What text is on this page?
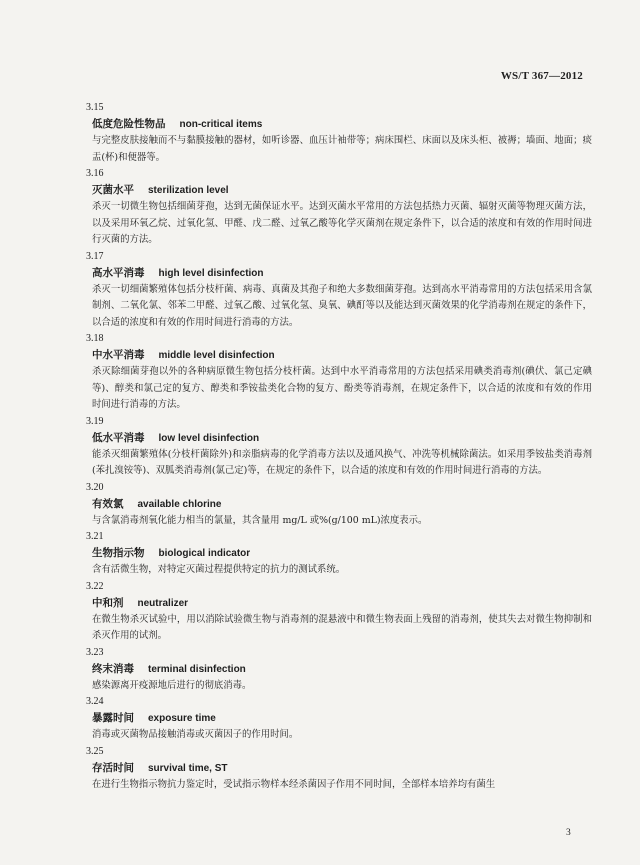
WS/T 367—2012
3.15
低度危险性物品 non-critical items
与完整皮肤接触而不与黏膜接触的器材，如听诊器、血压计袖带等；病床围栏、床面以及床头柜、被褥；墙面、地面；痰盂(杯)和便器等。
3.16
灭菌水平 sterilization level
杀灭一切微生物包括细菌芽孢，达到无菌保证水平。达到灭菌水平常用的方法包括热力灭菌、辐射灭菌等物理灭菌方法，以及采用环氧乙烷、过氧化氢、甲醛、戊二醛、过氧乙酸等化学灭菌剂在规定条件下，以合适的浓度和有效的作用时间进行灭菌的方法。
3.17
高水平消毒 high level disinfection
杀灭一切细菌繁殖体包括分枝杆菌、病毒、真菌及其孢子和绝大多数细菌芽孢。达到高水平消毒常用的方法包括采用含氯制剂、二氧化氯、邻苯二甲醛、过氧乙酸、过氧化氢、臭氧、碘酊等以及能达到灭菌效果的化学消毒剂在规定的条件下，以合适的浓度和有效的作用时间进行消毒的方法。
3.18
中水平消毒 middle level disinfection
杀灭除细菌芽孢以外的各种病原微生物包括分枝杆菌。达到中水平消毒常用的方法包括采用碘类消毒剂(碘伏、氯己定碘等)、醇类和氯己定的复方、醇类和季铵盐类化合物的复方、酚类等消毒剂，在规定条件下，以合适的浓度和有效的作用时间进行消毒的方法。
3.19
低水平消毒 low level disinfection
能杀灭细菌繁殖体(分枝杆菌除外)和亲脂病毒的化学消毒方法以及通风换气、冲洗等机械除菌法。如采用季铵盐类消毒剂(苯扎溴铵等)、双胍类消毒剂(氯己定)等，在规定的条件下，以合适的浓度和有效的作用时间进行消毒的方法。
3.20
有效氯 available chlorine
与含氯消毒剂氧化能力相当的氯量，其含量用 mg/L 或%(g/100 mL)浓度表示。
3.21
生物指示物 biological indicator
含有活微生物，对特定灭菌过程提供特定的抗力的测试系统。
3.22
中和剂 neutralizer
在微生物杀灭试验中，用以消除试验微生物与消毒剂的混悬液中和微生物表面上残留的消毒剂，使其失去对微生物抑制和杀灭作用的试剂。
3.23
终末消毒 terminal disinfection
感染源离开疫源地后进行的彻底消毒。
3.24
暴露时间 exposure time
消毒或灭菌物品接触消毒或灭菌因子的作用时间。
3.25
存活时间 survival time, ST
在进行生物指示物抗力鉴定时，受试指示物样本经杀菌因子作用不同时间，全部样本培养均有菌生
3
